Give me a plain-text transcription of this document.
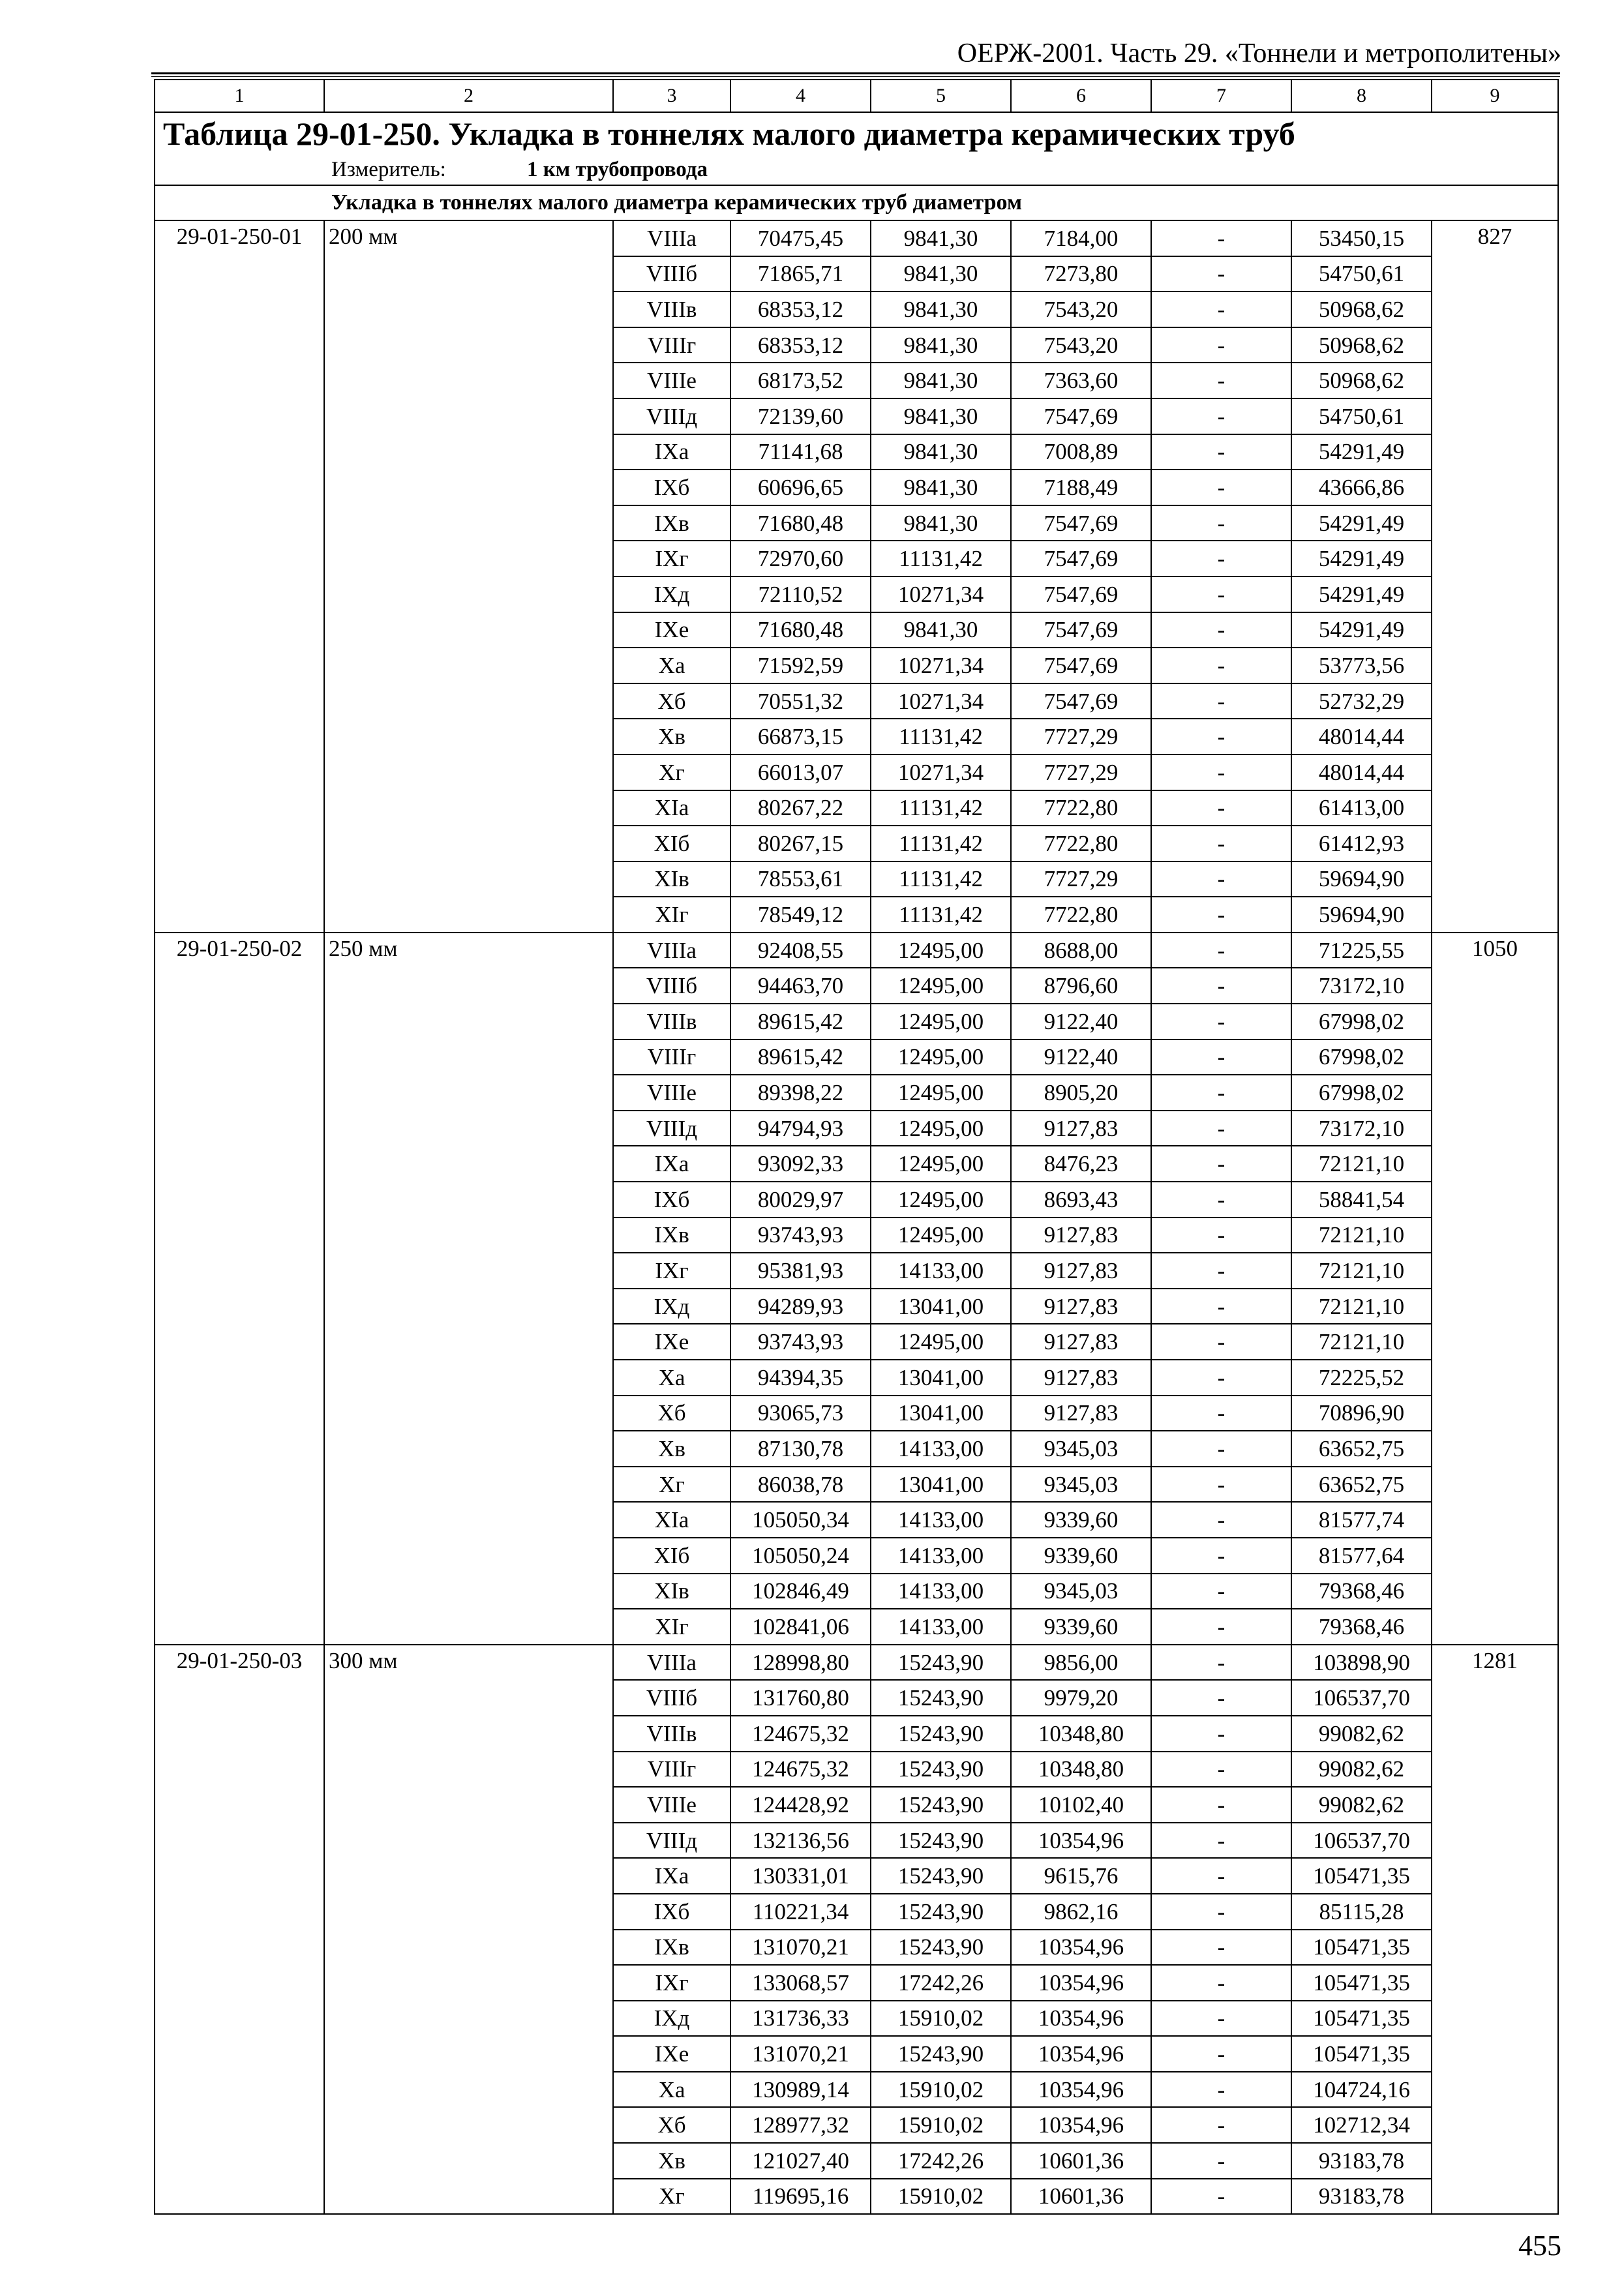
ОЕРЖ-2001. Часть 29. «Тоннели и метрополитены»
1	2	3	4	5	6	7	8	9
Таблица 29-01-250. Укладка в тоннелях малого диаметра керамических труб								
Измеритель: 1 км трубопровода								
Укладка в тоннелях малого диаметра керамических труб диаметром								
29-01-250-01	200 мм	VIIIа	70475,45	9841,30	7184,00	-	53450,15	827
		VIIIб	71865,71	9841,30	7273,80	-	54750,61	
		VIIIв	68353,12	9841,30	7543,20	-	50968,62	
		VIIIг	68353,12	9841,30	7543,20	-	50968,62	
		VIIIе	68173,52	9841,30	7363,60	-	50968,62	
		VIIIд	72139,60	9841,30	7547,69	-	54750,61	
		IXа	71141,68	9841,30	7008,89	-	54291,49	
		IXб	60696,65	9841,30	7188,49	-	43666,86	
		IXв	71680,48	9841,30	7547,69	-	54291,49	
		IXг	72970,60	11131,42	7547,69	-	54291,49	
		IXд	72110,52	10271,34	7547,69	-	54291,49	
		IXе	71680,48	9841,30	7547,69	-	54291,49	
		Xа	71592,59	10271,34	7547,69	-	53773,56	
		Xб	70551,32	10271,34	7547,69	-	52732,29	
		Xв	66873,15	11131,42	7727,29	-	48014,44	
		Xг	66013,07	10271,34	7727,29	-	48014,44	
		XIа	80267,22	11131,42	7722,80	-	61413,00	
		XIб	80267,15	11131,42	7722,80	-	61412,93	
		XIв	78553,61	11131,42	7727,29	-	59694,90	
		XIг	78549,12	11131,42	7722,80	-	59694,90	
29-01-250-02	250 мм	VIIIа	92408,55	12495,00	8688,00	-	71225,55	1050
		VIIIб	94463,70	12495,00	8796,60	-	73172,10	
		VIIIв	89615,42	12495,00	9122,40	-	67998,02	
		VIIIг	89615,42	12495,00	9122,40	-	67998,02	
		VIIIе	89398,22	12495,00	8905,20	-	67998,02	
		VIIIд	94794,93	12495,00	9127,83	-	73172,10	
		IXа	93092,33	12495,00	8476,23	-	72121,10	
		IXб	80029,97	12495,00	8693,43	-	58841,54	
		IXв	93743,93	12495,00	9127,83	-	72121,10	
		IXг	95381,93	14133,00	9127,83	-	72121,10	
		IXд	94289,93	13041,00	9127,83	-	72121,10	
		IXе	93743,93	12495,00	9127,83	-	72121,10	
		Xа	94394,35	13041,00	9127,83	-	72225,52	
		Xб	93065,73	13041,00	9127,83	-	70896,90	
		Xв	87130,78	14133,00	9345,03	-	63652,75	
		Xг	86038,78	13041,00	9345,03	-	63652,75	
		XIа	105050,34	14133,00	9339,60	-	81577,74	
		XIб	105050,24	14133,00	9339,60	-	81577,64	
		XIв	102846,49	14133,00	9345,03	-	79368,46	
		XIг	102841,06	14133,00	9339,60	-	79368,46	
29-01-250-03	300 мм	VIIIа	128998,80	15243,90	9856,00	-	103898,90	1281
		VIIIб	131760,80	15243,90	9979,20	-	106537,70	
		VIIIв	124675,32	15243,90	10348,80	-	99082,62	
		VIIIг	124675,32	15243,90	10348,80	-	99082,62	
		VIIIе	124428,92	15243,90	10102,40	-	99082,62	
		VIIIд	132136,56	15243,90	10354,96	-	106537,70	
		IXа	130331,01	15243,90	9615,76	-	105471,35	
		IXб	110221,34	15243,90	9862,16	-	85115,28	
		IXв	131070,21	15243,90	10354,96	-	105471,35	
		IXг	133068,57	17242,26	10354,96	-	105471,35	
		IXд	131736,33	15910,02	10354,96	-	105471,35	
		IXе	131070,21	15243,90	10354,96	-	105471,35	
		Xа	130989,14	15910,02	10354,96	-	104724,16	
		Xб	128977,32	15910,02	10354,96	-	102712,34	
		Xв	121027,40	17242,26	10601,36	-	93183,78	
		Xг	119695,16	15910,02	10601,36	-	93183,78	
455
